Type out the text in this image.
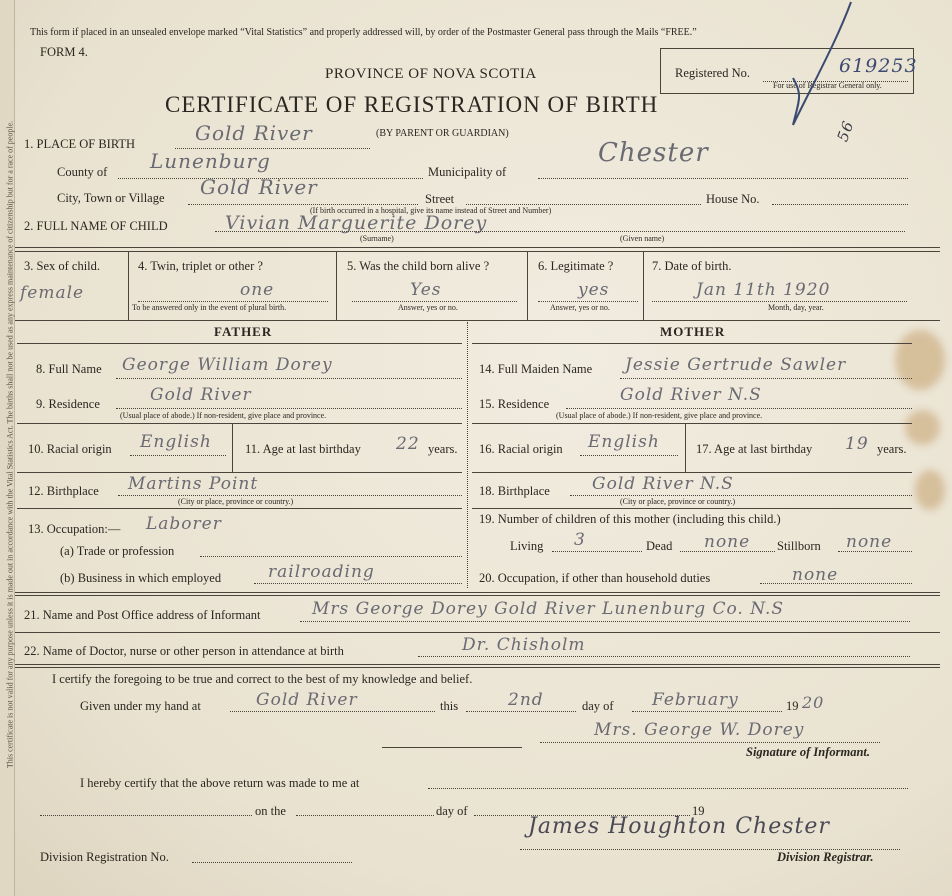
This certificate is not valid for any purpose unless it is made out in accordance with the Vital Statistics Act. The births shall not be used as any express maintenance of citizenship but for a race of people.
This form if placed in an unsealed envelope marked “Vital Statistics” and properly addressed will, by order of the Postmaster General pass through the Mails “FREE.”
FORM 4.
PROVINCE OF NOVA SCOTIA
CERTIFICATE OF REGISTRATION OF BIRTH
(BY PARENT OR GUARDIAN)
Registered No.	619253
For use of Registrar General only.
56
1. PLACE OF BIRTH	Gold River
County of Lunenburg	Municipality of
Chester
City, Town or Village Gold River	Street	House No.
(If birth occurred in a hospital, give its name instead of Street and Number)
2. FULL NAME OF CHILD	Vivian Marguerite Dorey
(Surname)	(Given name)
3. Sex of child.
female
4. Twin, triplet or other ?
one
To be answered only in the event of plural birth.
5. Was the child born alive ?
Yes
Answer, yes or no.
6. Legitimate ?
yes
Answer, yes or no.
7. Date of birth.
Jan 11th 1920
Month, day, year.
FATHER
8. Full Name George William Dorey
9. Residence	Gold River
(Usual place of abode.) If non-resident, give place and province.
10. Racial origin English	11. Age at last birthday 22 years.
12. Birthplace Martins Point
(City or place, province or country.)
13. Occupation:— Laborer
(a) Trade or profession
(b) Business in which employed	railroading
MOTHER
14. Full Maiden Name Jessie Gertrude Sawler
15. Residence	Gold River N.S
(Usual place of abode.) If non-resident, give place and province.
16. Racial origin English	17. Age at last birthday 19 years.
18. Birthplace Gold River N.S
(City or place, province or country.)
19. Number of children of this mother (including this child.)
Living 3	Dead none Stillborn none
20. Occupation, if other than household duties	none
21. Name and Post Office address of Informant	Mrs George Dorey Gold River Lunenburg Co. N.S
22. Name of Doctor, nurse or other person in attendance at birth	Dr. Chisholm
I certify the foregoing to be true and correct to the best of my knowledge and belief.
Given under my hand at	Gold River	this	2nd	day of February	19 20
Mrs. George W. Dorey
Signature of Informant.
I hereby certify that the above return was made to me at
on the	day of	19
James Houghton Chester
Division Registrar.
Division Registration No.
